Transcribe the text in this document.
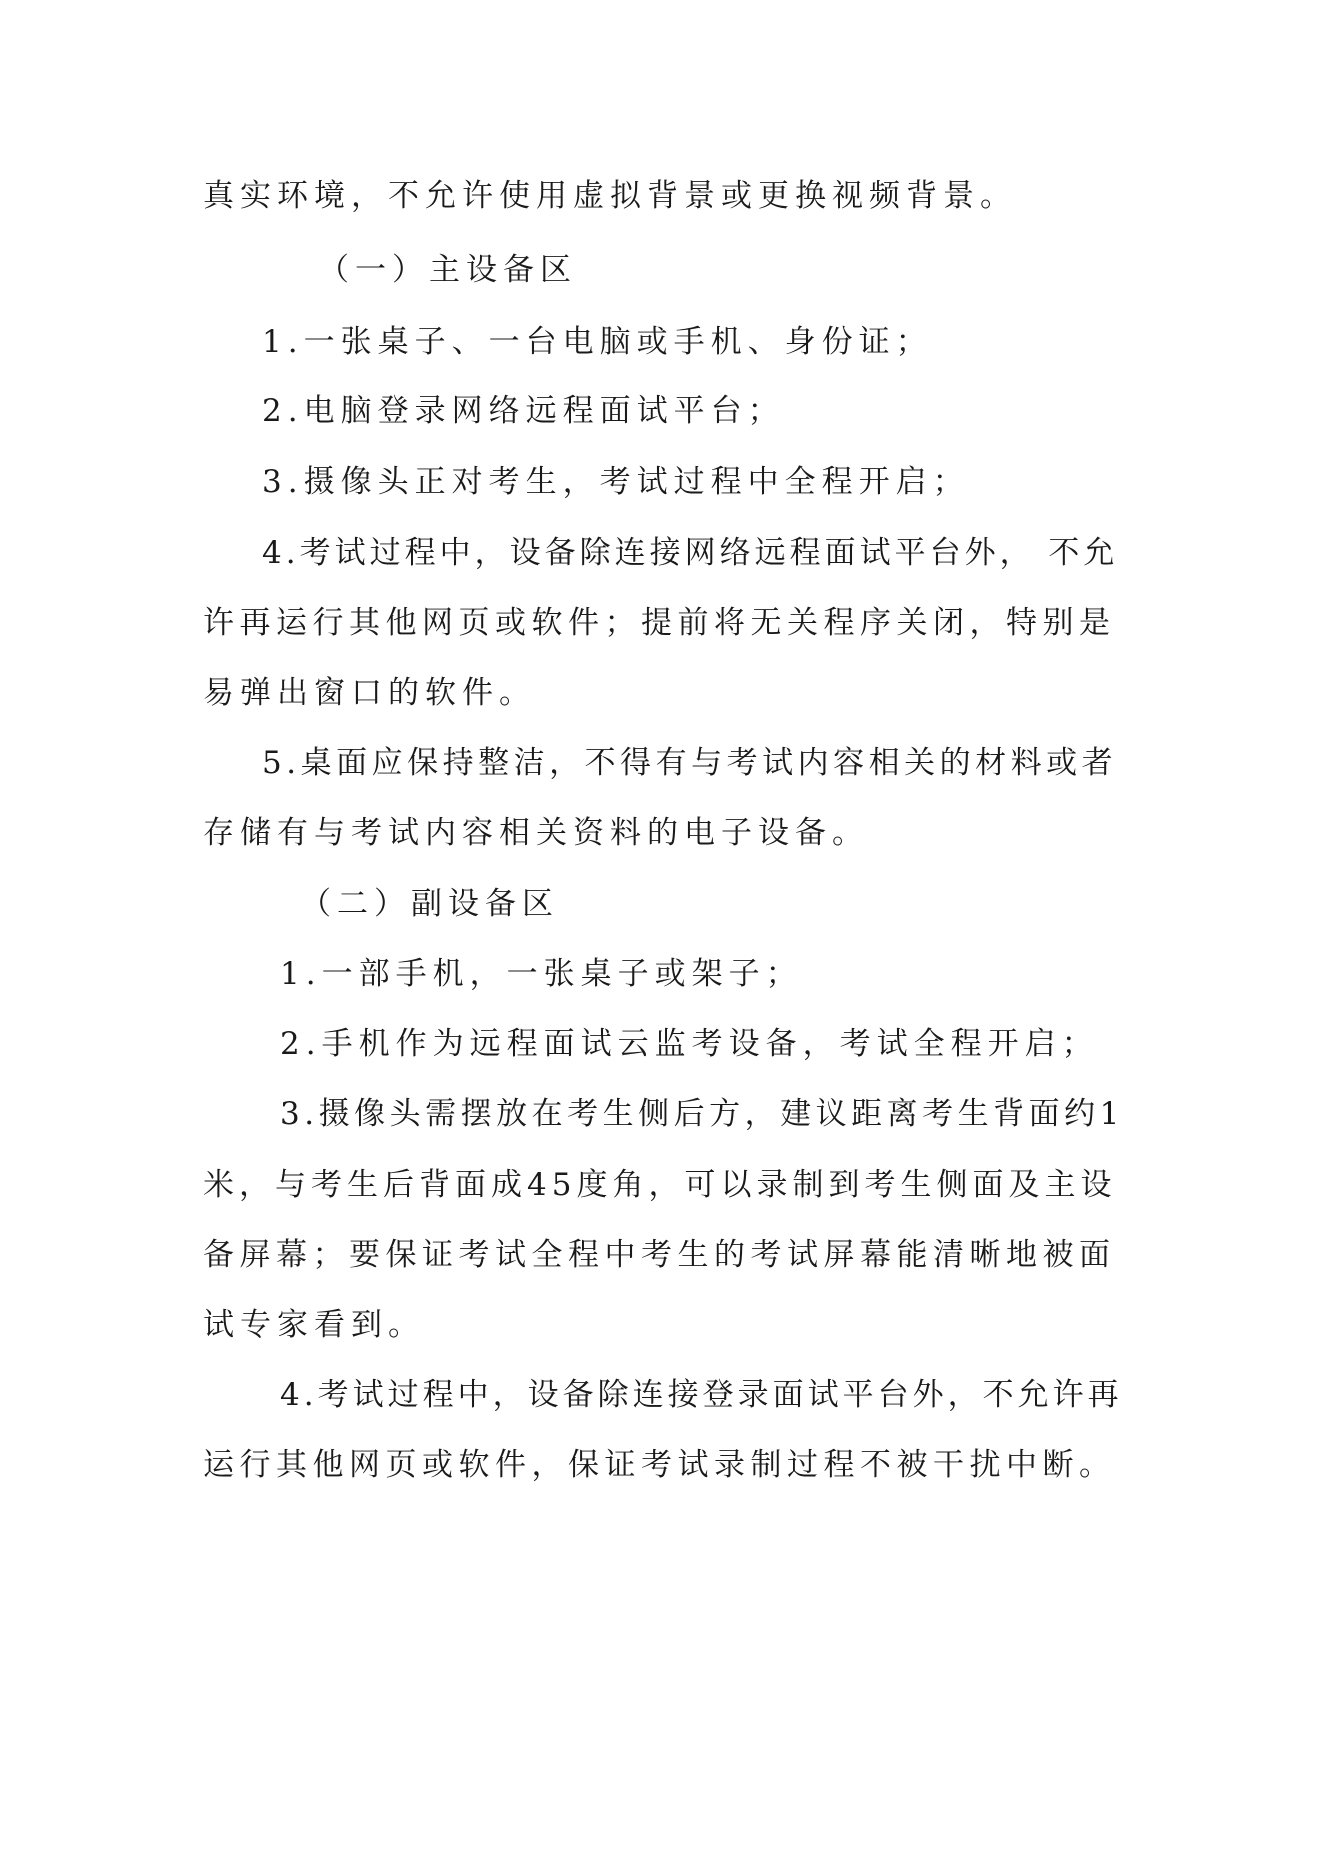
真实环境，不允许使用虚拟背景或更换视频背景。
（一）主设备区
1.一张桌子、一台电脑或手机、身份证；
2.电脑登录网络远程面试平台；
3.摄像头正对考生，考试过程中全程开启；
4.考试过程中，设备除连接网络远程面试平台外， 不允
许再运行其他网页或软件；提前将无关程序关闭，特别是
易弹出窗口的软件。
5.桌面应保持整洁，不得有与考试内容相关的材料或者
存储有与考试内容相关资料的电子设备。
（二）副设备区
1.一部手机，一张桌子或架子；
2.手机作为远程面试云监考设备，考试全程开启；
3.摄像头需摆放在考生侧后方，建议距离考生背面约1
米，与考生后背面成45度角，可以录制到考生侧面及主设
备屏幕；要保证考试全程中考生的考试屏幕能清晰地被面
试专家看到。
4.考试过程中，设备除连接登录面试平台外，不允许再
运行其他网页或软件，保证考试录制过程不被干扰中断。
